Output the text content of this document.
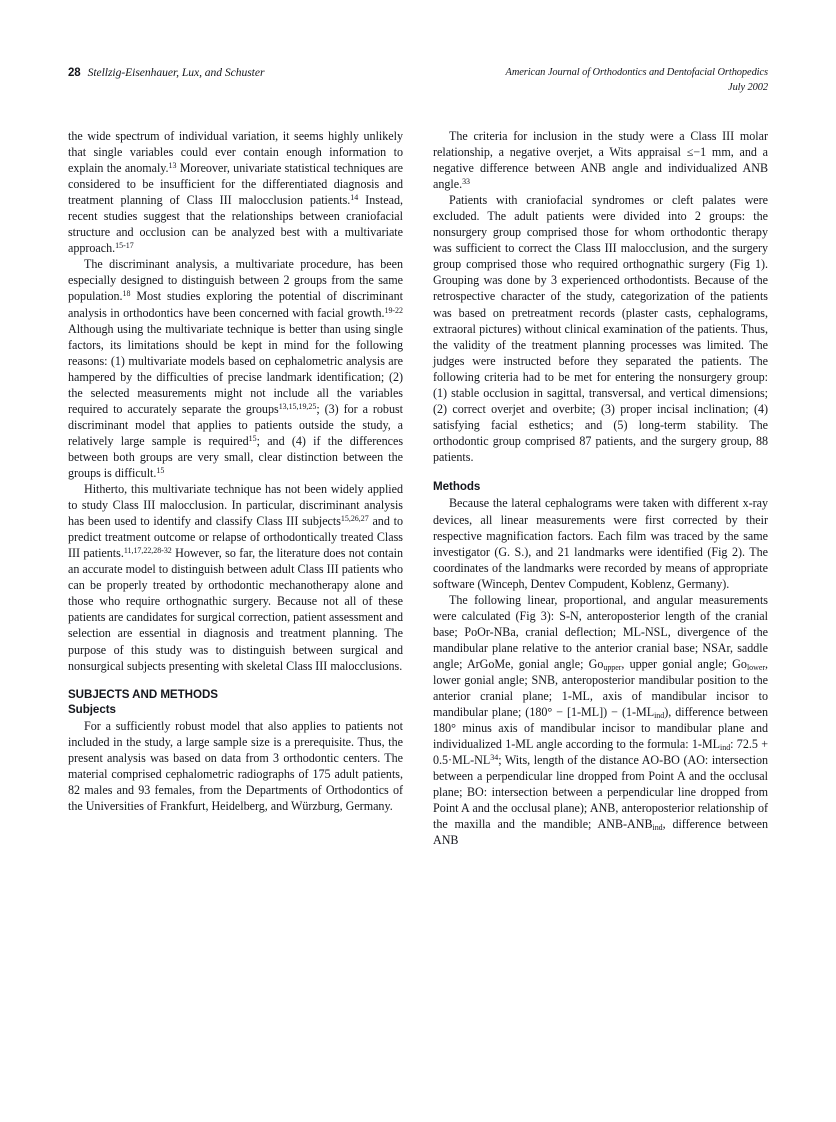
28 Stellzig-Eisenhauer, Lux, and Schuster	American Journal of Orthodontics and Dentofacial Orthopedics
July 2002

the wide spectrum of individual variation, it seems highly unlikely that single variables could ever contain enough information to explain the anomaly.$^{13}$ Moreover, univariate statistical techniques are considered to be insufficient for the differentiated diagnosis and treatment planning of Class III malocclusion patients.$^{14}$ Instead, recent studies suggest that the relationships between craniofacial structure and occlusion can be analyzed best with a multivariate approach.$^{15-17}$

The discriminant analysis, a multivariate procedure, has been especially designed to distinguish between 2 groups from the same population.$^{18}$ Most studies exploring the potential of discriminant analysis in orthodontics have been concerned with facial growth.$^{19-22}$ Although using the multivariate technique is better than using single factors, its limitations should be kept in mind for the following reasons: (1) multivariate models based on cephalometric analysis are hampered by the difficulties of precise landmark identification; (2) the selected measurements might not include all the variables required to accurately separate the groups$^{13,15,19,25}$; (3) for a robust discriminant model that applies to patients outside the study, a relatively large sample is required$^{15}$; and (4) if the differences between both groups are very small, clear distinction between the groups is difficult.$^{15}$

Hitherto, this multivariate technique has not been widely applied to study Class III malocclusion. In particular, discriminant analysis has been used to identify and classify Class III subjects$^{15,26,27}$ and to predict treatment outcome or relapse of orthodontically treated Class III patients.$^{11,17,22,28-32}$ However, so far, the literature does not contain an accurate model to distinguish between adult Class III patients who can be properly treated by orthodontic mechanotherapy alone and those who require orthognathic surgery. Because not all of these patients are candidates for surgical correction, patient assessment and selection are essential in diagnosis and treatment planning. The purpose of this study was to distinguish between surgical and nonsurgical subjects presenting with skeletal Class III malocclusions.

SUBJECTS AND METHODS
Subjects

For a sufficiently robust model that also applies to patients not included in the study, a large sample size is a prerequisite. Thus, the present analysis was based on data from 3 orthodontic centers. The material comprised cephalometric radiographs of 175 adult patients, 82 males and 93 females, from the Departments of Orthodontics of the Universities of Frankfurt, Heidelberg, and Würzburg, Germany.

The criteria for inclusion in the study were a Class III molar relationship, a negative overjet, a Wits appraisal ≤−1 mm, and a negative difference between ANB angle and individualized ANB angle.$^{33}$

Patients with craniofacial syndromes or cleft palates were excluded. The adult patients were divided into 2 groups: the nonsurgery group comprised those for whom orthodontic therapy was sufficient to correct the Class III malocclusion, and the surgery group comprised those who required orthognathic surgery (Fig 1). Grouping was done by 3 experienced orthodontists. Because of the retrospective character of the study, categorization of the patients was based on pretreatment records (plaster casts, cephalograms, extraoral pictures) without clinical examination of the patients. Thus, the validity of the treatment planning processes was limited. The judges were instructed before they separated the patients. The following criteria had to be met for entering the nonsurgery group: (1) stable occlusion in sagittal, transversal, and vertical dimensions; (2) correct overjet and overbite; (3) proper incisal inclination; (4) satisfying facial esthetics; and (5) long-term stability. The orthodontic group comprised 87 patients, and the surgery group, 88 patients.

Methods

Because the lateral cephalograms were taken with different x-ray devices, all linear measurements were first corrected by their respective magnification factors. Each film was traced by the same investigator (G. S.), and 21 landmarks were identified (Fig 2). The coordinates of the landmarks were recorded by means of appropriate software (Winceph, Dentev Compudent, Koblenz, Germany).

The following linear, proportional, and angular measurements were calculated (Fig 3): S-N, anteroposterior length of the cranial base; PoOr-NBa, cranial deflection; ML-NSL, divergence of the mandibular plane relative to the anterior cranial base; NSAr, saddle angle; ArGoMe, gonial angle; $Go_{upper}$, upper gonial angle; $Go_{lower}$, lower gonial angle; SNB, anteroposterior mandibular position to the anterior cranial plane; 1-ML, axis of mandibular incisor to mandibular plane; $(180^\circ - [1-ML]) - (1-ML_{ind})$, difference between 180° minus axis of mandibular incisor to mandibular plane and individualized 1-ML angle according to the formula: $1-ML_{ind}$: $72.5 + 0.5\cdot ML-NL^{34}$; Wits, length of the distance AO-BO (AO: intersection between a perpendicular line dropped from Point A and the occlusal plane; BO: intersection between a perpendicular line dropped from Point A and the occlusal plane); ANB, anteroposterior relationship of the maxilla and the mandible; ANB-$ANB_{ind}$, difference between ANB
